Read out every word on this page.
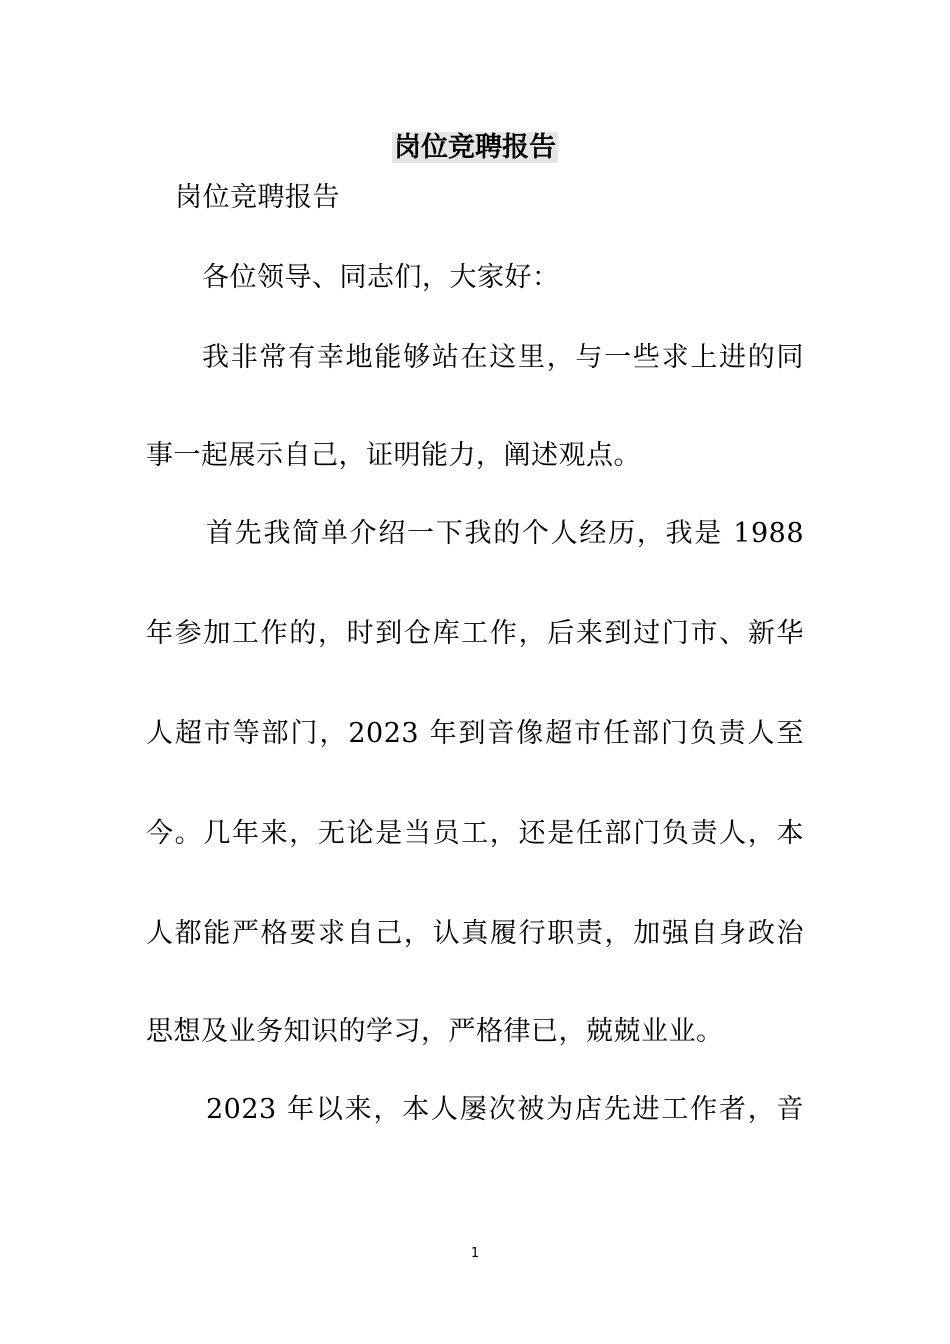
岗位竞聘报告
岗位竞聘报告
各位领导、同志们，大家好：
我非常有幸地能够站在这里，与一些求上进的同
事一起展示自己，证明能力，阐述观点。
首先我简单介绍一下我的个人经历，我是 1988
年参加工作的，时到仓库工作，后来到过门市、新华
人超市等部门，2023 年到音像超市任部门负责人至
今。几年来，无论是当员工，还是任部门负责人，本
人都能严格要求自己，认真履行职责，加强自身政治
思想及业务知识的学习，严格律已，兢兢业业。
2023 年以来，本人屡次被为店先进工作者，音
1
